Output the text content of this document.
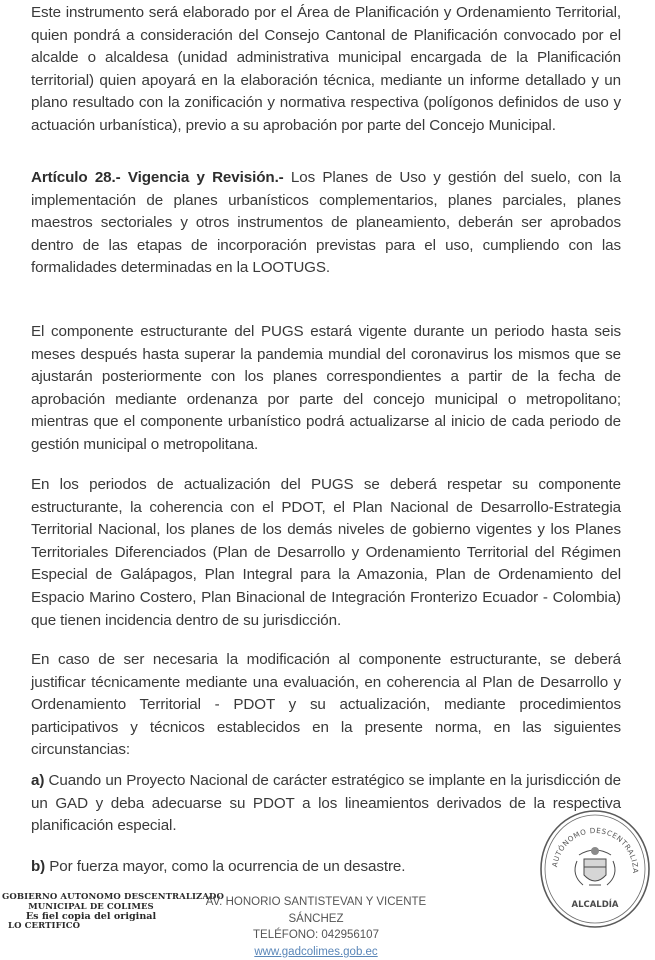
Este instrumento será elaborado por el Área de Planificación y Ordenamiento Territorial, quien pondrá a consideración del Consejo Cantonal de Planificación convocado por el alcalde o alcaldesa (unidad administrativa municipal encargada de la Planificación territorial) quien apoyará en la elaboración técnica, mediante un informe detallado y un plano resultado con la zonificación y normativa respectiva (polígonos definidos de uso y actuación urbanística), previo a su aprobación por parte del Concejo Municipal.

Artículo 28.- Vigencia y Revisión.- Los Planes de Uso y gestión del suelo, con la implementación de planes urbanísticos complementarios, planes parciales, planes maestros sectoriales y otros instrumentos de planeamiento, deberán ser aprobados dentro de las etapas de incorporación previstas para el uso, cumpliendo con las formalidades determinadas en la LOOTUGS.

El componente estructurante del PUGS estará vigente durante un periodo hasta seis meses después hasta superar la pandemia mundial del coronavirus los mismos que se ajustarán posteriormente con los planes correspondientes a partir de la fecha de aprobación mediante ordenanza por parte del concejo municipal o metropolitano; mientras que el componente urbanístico podrá actualizarse al inicio de cada periodo de gestión municipal o metropolitana.

En los periodos de actualización del PUGS se deberá respetar su componente estructurante, la coherencia con el PDOT, el Plan Nacional de Desarrollo-Estrategia Territorial Nacional, los planes de los demás niveles de gobierno vigentes y los Planes Territoriales Diferenciados (Plan de Desarrollo y Ordenamiento Territorial del Régimen Especial de Galápagos, Plan Integral para la Amazonia, Plan de Ordenamiento del Espacio Marino Costero, Plan Binacional de Integración Fronterizo Ecuador - Colombia) que tienen incidencia dentro de su jurisdicción.

En caso de ser necesaria la modificación al componente estructurante, se deberá justificar técnicamente mediante una evaluación, en coherencia al Plan de Desarrollo y Ordenamiento Territorial - PDOT y su actualización, mediante procedimientos participativos y técnicos establecidos en la presente norma, en las siguientes circunstancias:

a) Cuando un Proyecto Nacional de carácter estratégico se implante en la jurisdicción de un GAD y deba adecuarse su PDOT a los lineamientos derivados de la respectiva planificación especial.

b) Por fuerza mayor, como la ocurrencia de un desastre.

GOBIERNO AUTONOMO DESCENTRALIZADO
MUNICIPAL DE COLIMES
Es fiel copia del original
LO CERTIFICO
AV. HONORIO SANTISTEVAN Y VICENTE SÁNCHEZ
TELÉFONO: 042956107
www.gadcolimes.gob.ec
AUTÓNOMO DESCENTRALIZA
ALCALDÍA
